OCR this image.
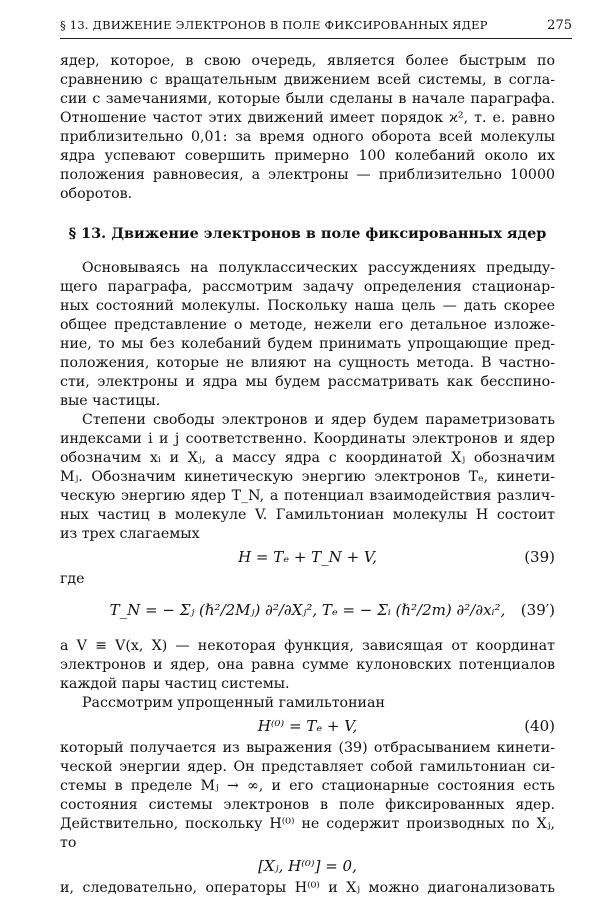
§ 13. ДВИЖЕНИЕ ЭЛЕКТРОНОВ В ПОЛЕ ФИКСИРОВАННЫХ ЯДЕР	275

ядер, которое, в свою очередь, является более быстрым по

сравнению с вращательным движением всей системы, в согла-

сии с замечаниями, которые были сделаны в начале параграфа.

Отношение частот этих движений имеет порядок ϰ², т. е. равно

приблизительно 0,01: за время одного оборота всей молекулы

ядра успевают совершить примерно 100 колебаний около их

положения равновесия, а электроны — приблизительно 10000

оборотов.

§ 13. Движение электронов в поле фиксированных ядер

Основываясь на полуклассических рассуждениях предыду-

щего параграфа, рассмотрим задачу определения стационар-

ных состояний молекулы. Поскольку наша цель — дать скорее

общее представление о методе, нежели его детальное изложе-

ние, то мы без колебаний будем принимать упрощающие пред-

положения, которые не влияют на сущность метода. В частно-

сти, электроны и ядра мы будем рассматривать как бесспино-

вые частицы.

Степени свободы электронов и ядер будем параметризовать

индексами i и j соответственно. Координаты электронов и ядер

обозначим xᵢ и Xⱼ, а массу ядра с координатой Xⱼ обозначим

Mⱼ. Обозначим кинетическую энергию электронов Tₑ, кинети-

ческую энергию ядер T_N, а потенциал взаимодействия различ-

ных частиц в молекуле V. Гамильтониан молекулы H состоит

из трех слагаемых

H = Tₑ + T_N + V,	(39)

где

T_N = − Σⱼ (ℏ²/2Mⱼ) ∂²/∂Xⱼ², Tₑ = − Σᵢ (ℏ²/2m) ∂²/∂xᵢ²,	(39′)

а V ≡ V(x, X) — некоторая функция, зависящая от координат

электронов и ядер, она равна сумме кулоновских потенциалов

каждой пары частиц системы.

Рассмотрим упрощенный гамильтониан

H⁽⁰⁾ = Tₑ + V,	(40)

который получается из выражения (39) отбрасыванием кинети-

ческой энергии ядер. Он представляет собой гамильтониан си-

стемы в пределе Mⱼ → ∞, и его стационарные состояния есть

состояния системы электронов в поле фиксированных ядер.

Действительно, поскольку H⁽⁰⁾ не содержит производных по Xⱼ,

то

[Xⱼ, H⁽⁰⁾] = 0,

и, следовательно, операторы H⁽⁰⁾ и Xⱼ можно диагонализовать
